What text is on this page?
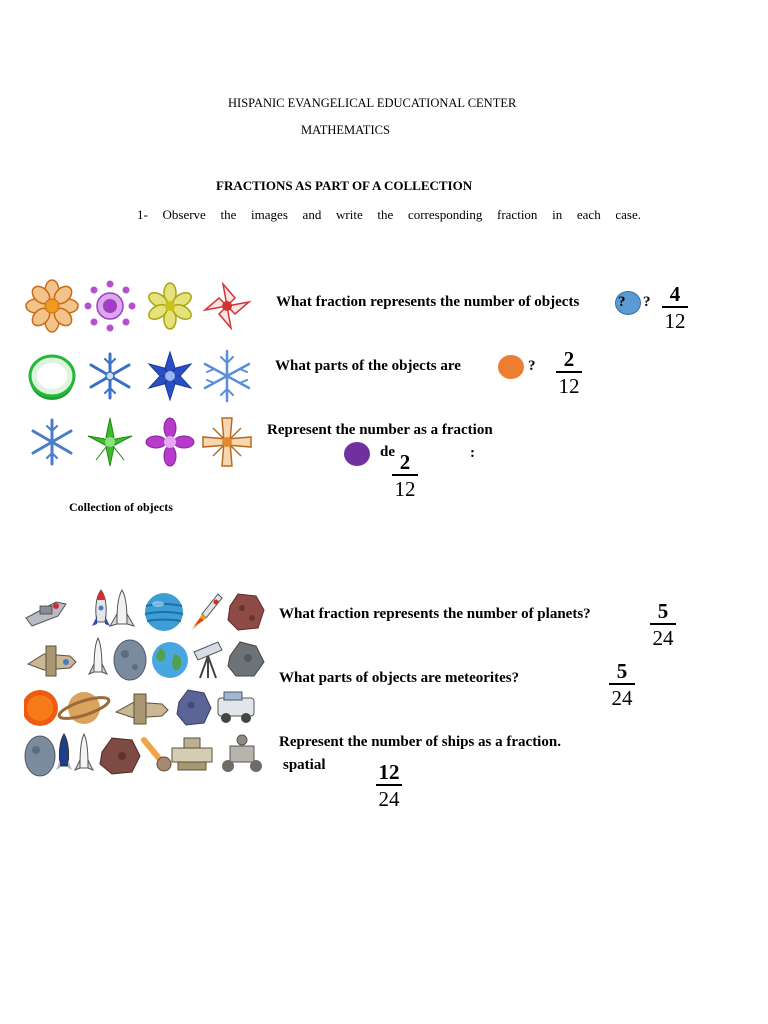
HISPANIC EVANGELICAL EDUCATIONAL CENTER
MATHEMATICS
FRACTIONS AS PART OF A COLLECTION
1- Observe the images and write the corresponding fraction in each case.
Collection of objects
What fraction represents the number of objects	? ? 4
12
What parts of the objects are	?	2
12
Represent the number as a fraction
de	:
2
12
What fraction represents the number of planets?	5
24
What parts of objects are meteorites?	5
24
Represent the number of ships as a fraction.
spatial	12
24
